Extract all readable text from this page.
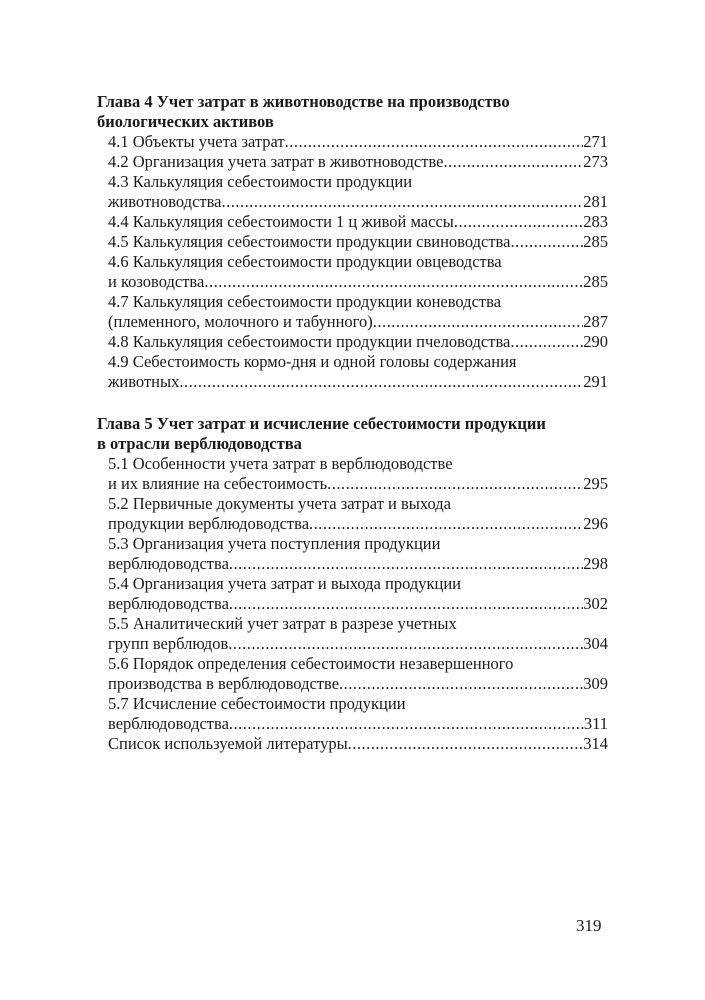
Глава 4 Учет затрат в животноводстве на производство
биологических активов
4.1 Объекты учета затрат .....	271
4.2 Организация учета затрат в животноводстве .....	273
4.3 Калькуляция себестоимости продукции
животноводства .....	281
4.4 Калькуляция себестоимости 1 ц живой массы .....	283
4.5 Калькуляция себестоимости продукции свиноводства .....	285
4.6 Калькуляция себестоимости продукции овцеводства
и козоводства .....	285
4.7 Калькуляция себестоимости продукции коневодства
(племенного, молочного и табунного) .....	287
4.8 Калькуляция себестоимости продукции пчеловодства .....	290
4.9 Себестоимость кормо-дня и одной головы содержания
животных .....	291
Глава 5 Учет затрат и исчисление себестоимости продукции
в отрасли верблюдоводства
5.1 Особенности учета затрат в верблюдоводстве
и их влияние на себестоимость .....	295
5.2 Первичные документы учета затрат и выхода
продукции верблюдоводства .....	296
5.3 Организация учета поступления продукции
верблюдоводства .....	298
5.4 Организация учета затрат и выхода продукции
верблюдоводства .....	302
5.5 Аналитический учет затрат в разрезе учетных
групп верблюдов .....	304
5.6 Порядок определения себестоимости незавершенного
производства в верблюдоводстве .....	309
5.7 Исчисление себестоимости продукции
верблюдоводства .....	311
Список используемой литературы .....	314

319
